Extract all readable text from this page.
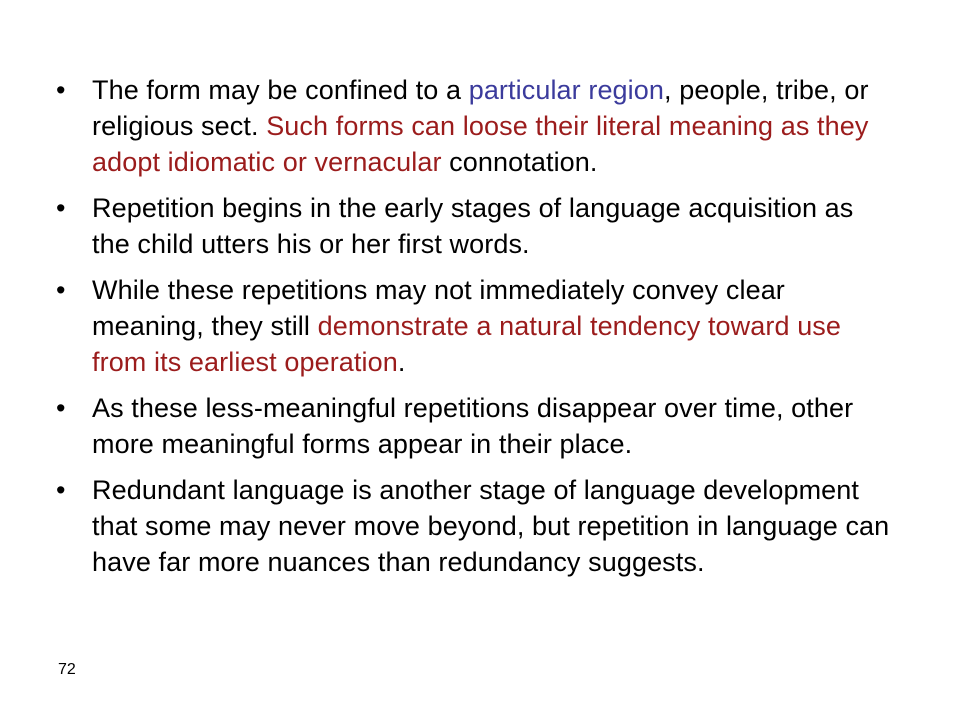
• The form may be confined to a particular region, people, tribe, or religious sect. Such forms can loose their literal meaning as they adopt idiomatic or vernacular connotation.
• Repetition begins in the early stages of language acquisition as the child utters his or her first words.
• While these repetitions may not immediately convey clear meaning, they still demonstrate a natural tendency toward use from its earliest operation.
• As these less-meaningful repetitions disappear over time, other more meaningful forms appear in their place.
• Redundant language is another stage of language development that some may never move beyond, but repetition in language can have far more nuances than redundancy suggests.
72
